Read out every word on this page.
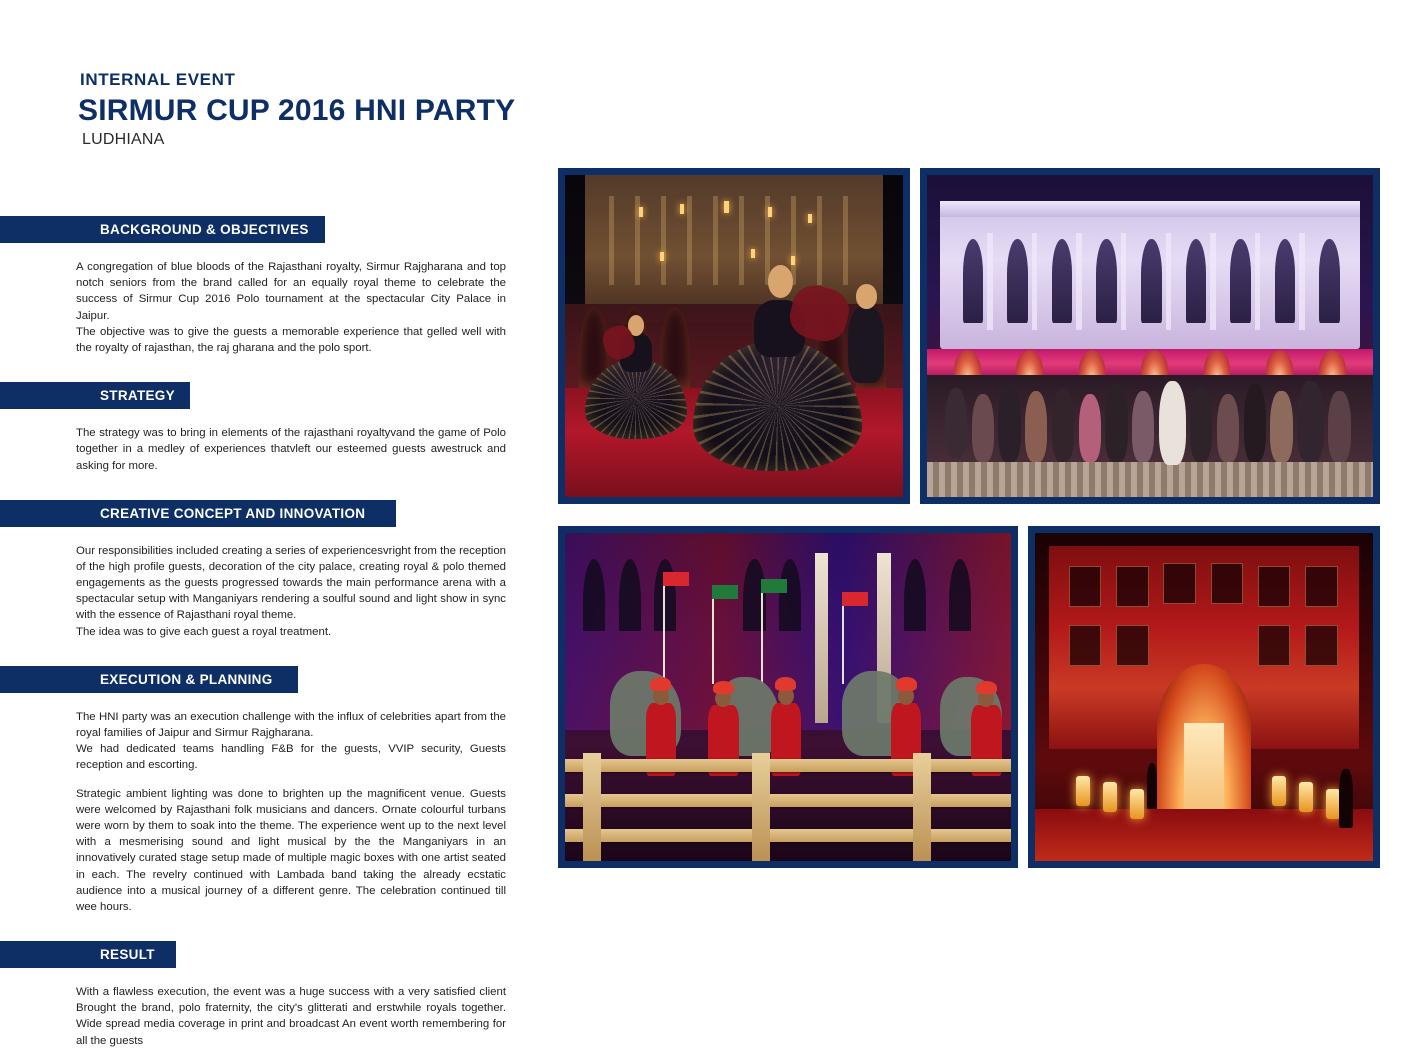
INTERNAL EVENT
SIRMUR CUP 2016 HNI PARTY
LUDHIANA
BACKGROUND & OBJECTIVES

A congregation of blue bloods of the Rajasthani royalty, Sirmur Rajgharana and top notch seniors from the brand called for an equally royal theme to celebrate the success of Sirmur Cup 2016 Polo tournament at the spectacular City Palace in Jaipur.

The objective was to give the guests a memorable experience that gelled well with the royalty of rajasthan, the raj gharana and the polo sport.

STRATEGY

The strategy was to bring in elements of the rajasthani royaltyvand the game of Polo together in a medley of experiences thatvleft our esteemed guests awestruck and asking for more.

CREATIVE CONCEPT AND INNOVATION

Our responsibilities included creating a series of experiencesvright from the reception of the high profile guests, decoration of the city palace, creating royal & polo themed engagements as the guests progressed towards the main performance arena with a spectacular setup with Manganiyars rendering a soulful sound and light show in sync with the essence of Rajasthani royal theme.

The idea was to give each guest a royal treatment.

EXECUTION & PLANNING

The HNI party was an execution challenge with the influx of celebrities apart from the royal families of Jaipur and Sirmur Rajgharana.

We had dedicated teams handling F&B for the guests, VVIP security, Guests reception and escorting.

Strategic ambient lighting was done to brighten up the magnificent venue. Guests were welcomed by Rajasthani folk musicians and dancers. Ornate colourful turbans were worn by them to soak into the theme. The experience went up to the next level with a mesmerising sound and light musical by the the Manganiyars in an innovatively curated stage setup made of multiple magic boxes with one artist seated in each. The revelry continued with Lambada band taking the already ecstatic audience into a musical journey of a different genre. The celebration continued till wee hours.

RESULT

With a flawless execution, the event was a huge success with a very satisfied client Brought the brand, polo fraternity, the city's glitterati and erstwhile royals together. Wide spread media coverage in print and broadcast An event worth remembering for all the guests
